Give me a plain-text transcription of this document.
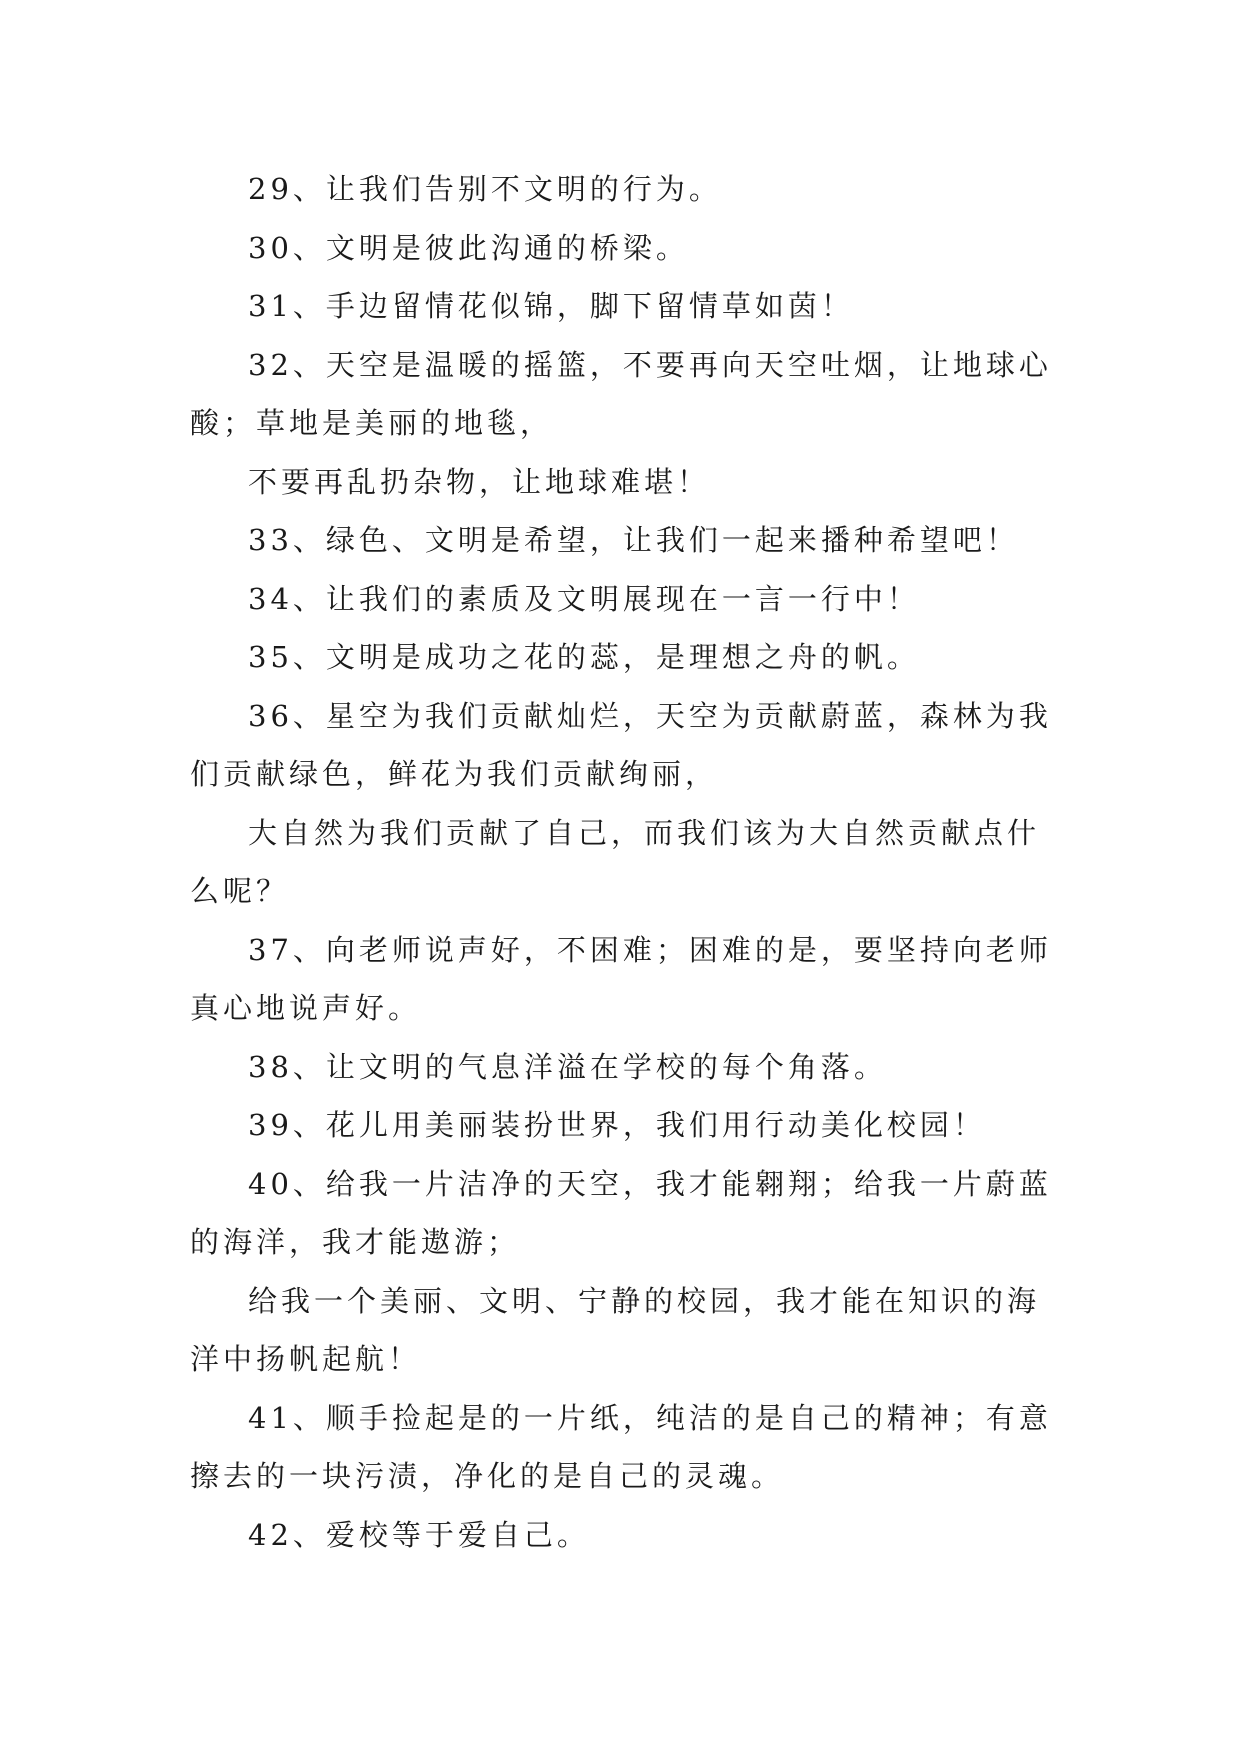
29、让我们告别不文明的行为。

30、文明是彼此沟通的桥梁。

31、手边留情花似锦，脚下留情草如茵！

32、天空是温暖的摇篮，不要再向天空吐烟，让地球心酸；草地是美丽的地毯，

不要再乱扔杂物，让地球难堪！

33、绿色、文明是希望，让我们一起来播种希望吧！

34、让我们的素质及文明展现在一言一行中！

35、文明是成功之花的蕊，是理想之舟的帆。

36、星空为我们贡献灿烂，天空为贡献蔚蓝，森林为我们贡献绿色，鲜花为我们贡献绚丽，

大自然为我们贡献了自己，而我们该为大自然贡献点什么呢？

37、向老师说声好，不困难；困难的是，要坚持向老师真心地说声好。

38、让文明的气息洋溢在学校的每个角落。

39、花儿用美丽装扮世界，我们用行动美化校园！

40、给我一片洁净的天空，我才能翱翔；给我一片蔚蓝的海洋，我才能遨游；

给我一个美丽、文明、宁静的校园，我才能在知识的海洋中扬帆起航！

41、顺手捡起是的一片纸，纯洁的是自己的精神；有意擦去的一块污渍，净化的是自己的灵魂。

42、爱校等于爱自己。
